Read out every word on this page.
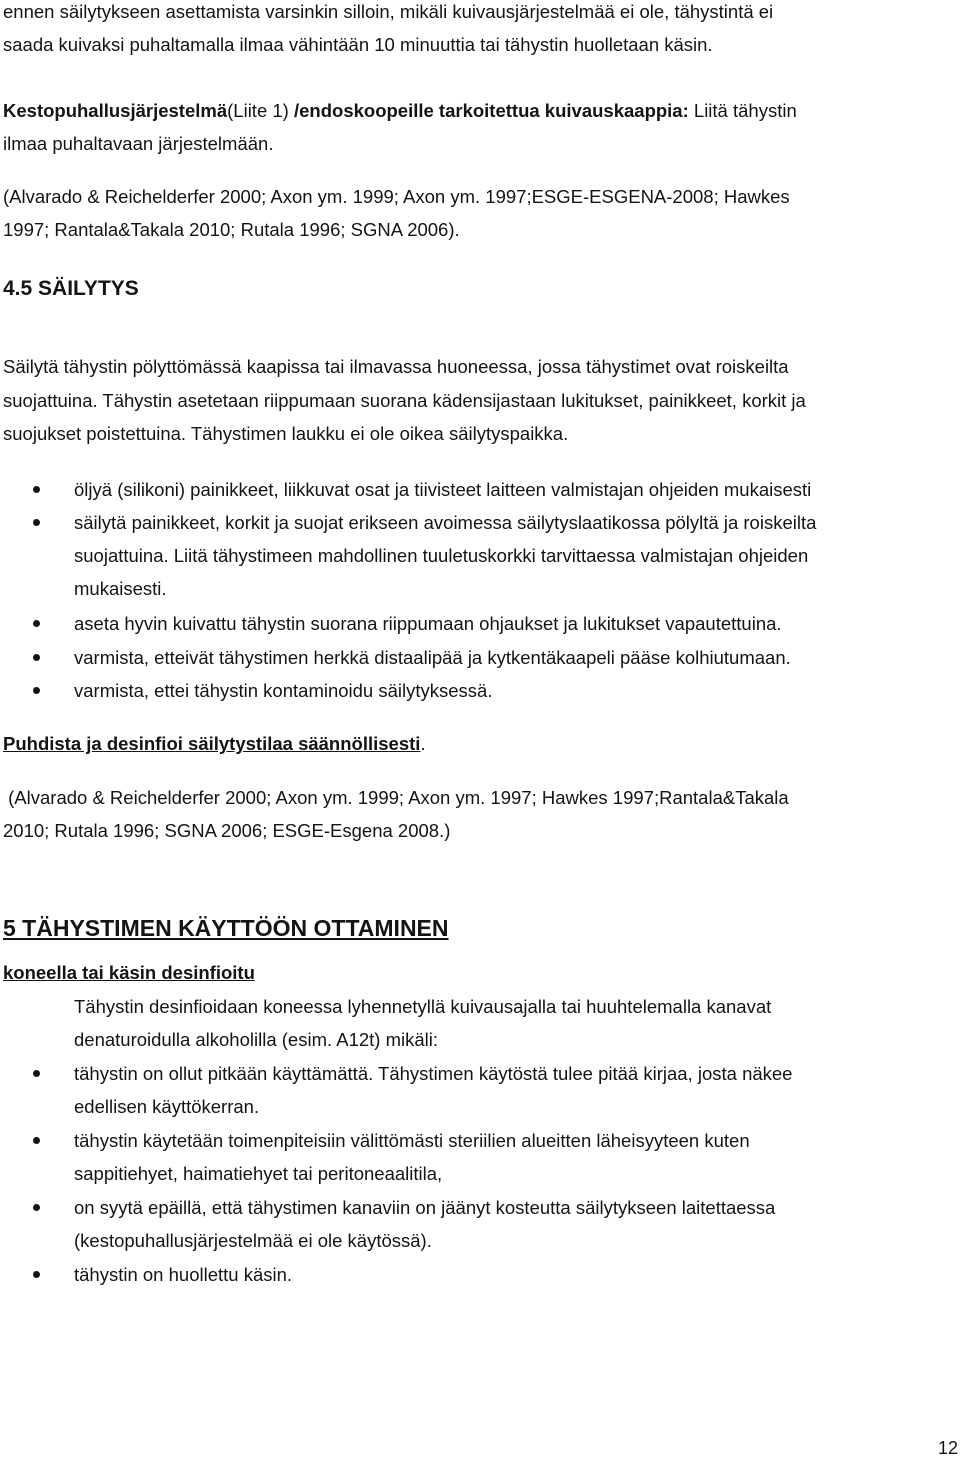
ennen säilytykseen asettamista varsinkin silloin, mikäli kuivausjärjestelmää ei ole, tähystintä ei
saada kuivaksi puhaltamalla ilmaa vähintään 10 minuuttia tai tähystin huolletaan käsin.
Kestopuhallusjärjestelmä(Liite 1) /endoskoopeille tarkoitettua kuivauskaappia: Liitä tähystin
ilmaa puhaltavaan järjestelmään.
(Alvarado & Reichelderfer 2000; Axon ym. 1999; Axon ym. 1997;ESGE-ESGENA-2008; Hawkes
1997; Rantala&Takala 2010; Rutala 1996; SGNA 2006).
4.5 SÄILYTYS
Säilytä tähystin pölyttömässä kaapissa tai ilmavassa huoneessa, jossa tähystimet ovat roiskeilta
suojattuina. Tähystin asetetaan riippumaan suorana kädensijastaan lukitukset, painikkeet, korkit ja
suojukset poistettuina. Tähystimen laukku ei ole oikea säilytyspaikka.
öljyä (silikoni) painikkeet, liikkuvat osat ja tiivisteet laitteen valmistajan ohjeiden mukaisesti
säilytä painikkeet, korkit ja suojat erikseen avoimessa säilytyslaatikossa pölyltä ja roiskeilta
suojattuina. Liitä tähystimeen mahdollinen tuuletuskorkki tarvittaessa valmistajan ohjeiden
mukaisesti.
aseta hyvin kuivattu tähystin suorana riippumaan ohjaukset ja lukitukset vapautettuina.
varmista, etteivät tähystimen herkkä distaalipää ja kytkentäkaapeli pääse kolhiutumaan.
varmista, ettei tähystin kontaminoidu säilytyksessä.
Puhdista ja desinfioi säilytystilaa säännöllisesti.
(Alvarado & Reichelderfer 2000; Axon ym. 1999; Axon ym. 1997; Hawkes 1997;Rantala&Takala
2010; Rutala 1996; SGNA 2006; ESGE-Esgena 2008.)
5 TÄHYSTIMEN KÄYTTÖÖN OTTAMINEN
koneella tai käsin desinfioitu
Tähystin desinfioidaan koneessa lyhennetyllä kuivausajalla tai huuhtelemalla kanavat
denaturoidulla alkoholilla (esim. A12t) mikäli:
tähystin on ollut pitkään käyttämättä. Tähystimen käytöstä tulee pitää kirjaa, josta näkee
edellisen käyttökerran.
tähystin käytetään toimenpiteisiin välittömästi steriilien alueitten läheisyyteen kuten
sappitiehyet, haimatiehyet tai peritoneaalitila,
on syytä epäillä, että tähystimen kanaviin on jäänyt kosteutta säilytykseen laitettaessa
(kestopuhallusjärjestelmää ei ole käytössä).
tähystin on huollettu käsin.
12
